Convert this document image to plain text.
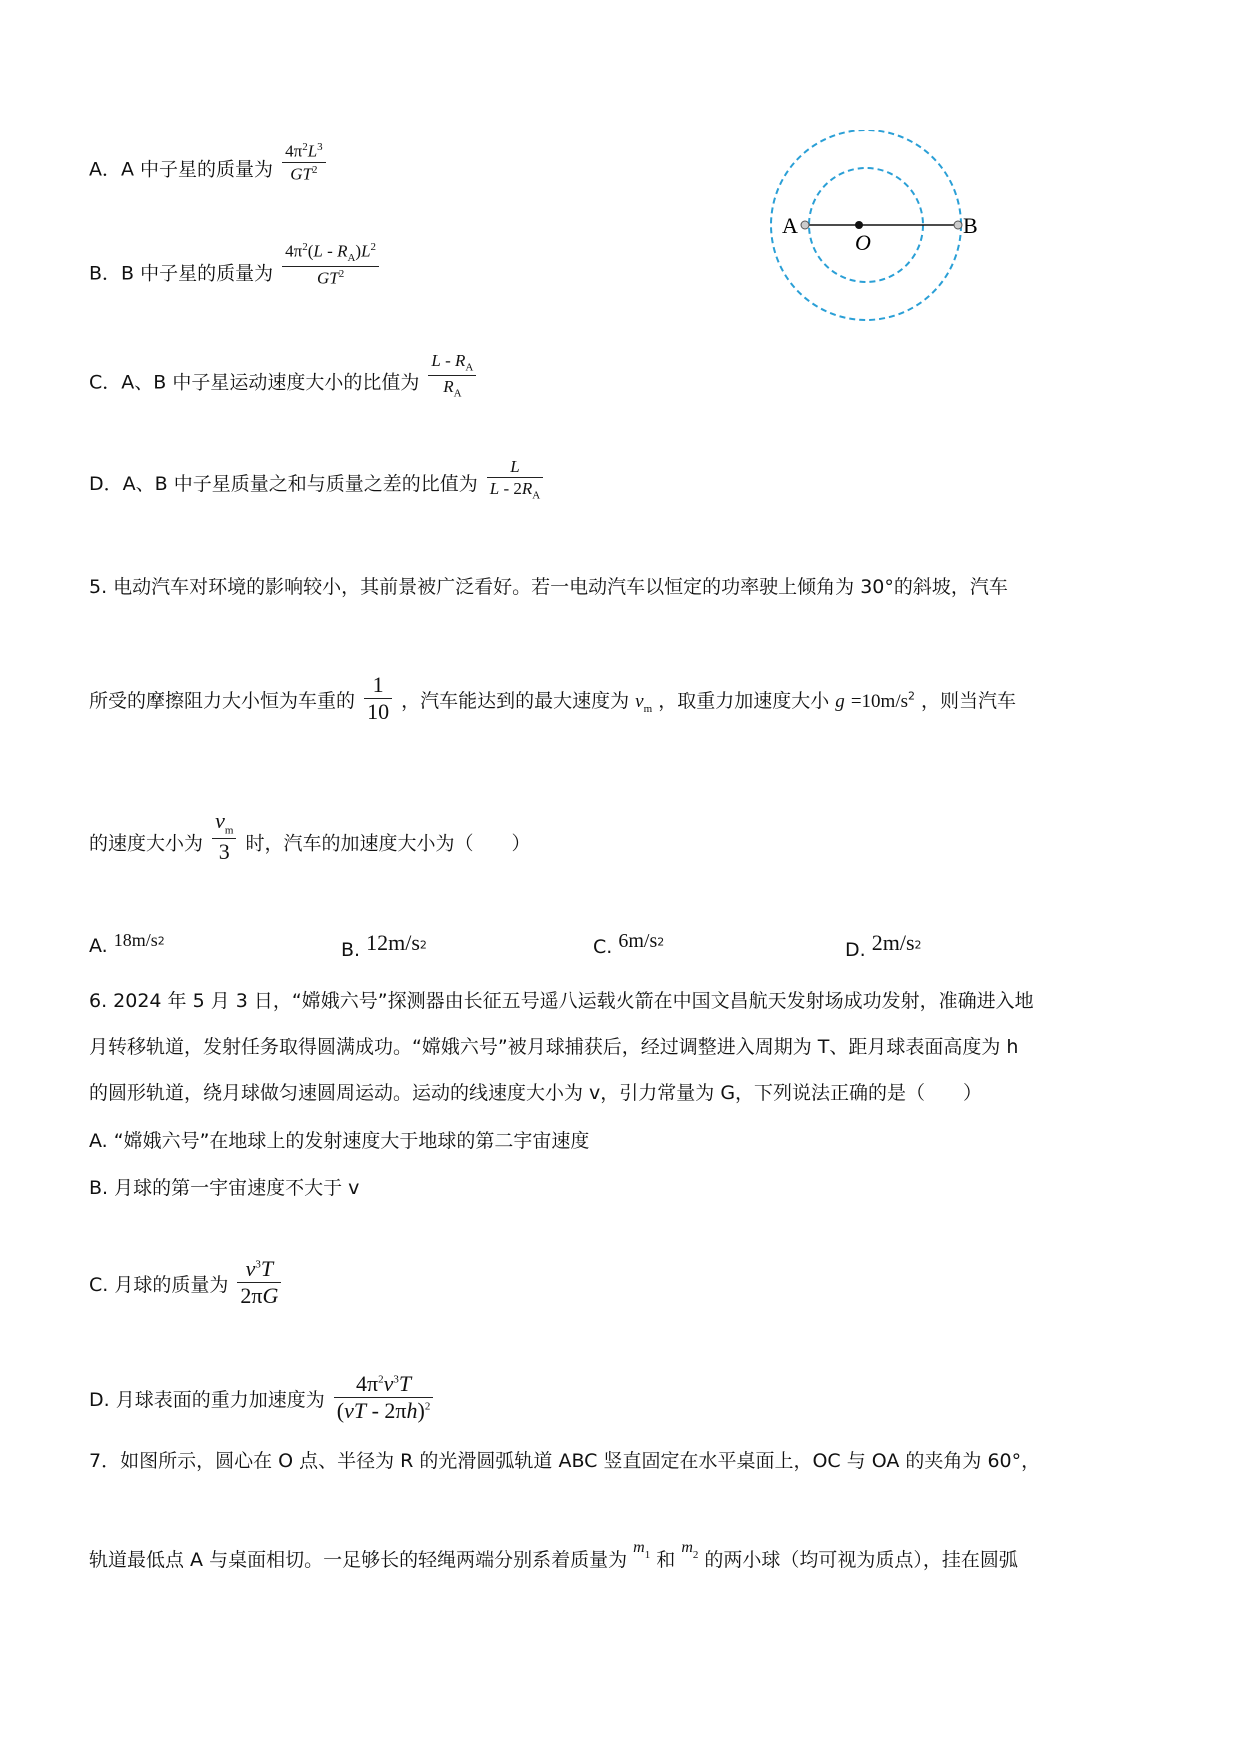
A．A 中子星的质量为 $\frac{4\pi^2L^3}{GT^2}$
B．B 中子星的质量为 $\frac{4\pi^2(L - R_A)L^2}{GT^2}$
C．A、B 中子星运动速度大小的比值为 $\frac{L - R_A}{R_A}$
D．A、B 中子星质量之和与质量之差的比值为 $\frac{L}{L - 2R_A}$
A	B
O
5. 电动汽车对环境的影响较小，其前景被广泛看好。若一电动汽车以恒定的功率驶上倾角为 30°的斜坡，汽车
所受的摩擦阻力大小恒为车重的 $\frac{1}{10}$ ，汽车能达到的最大速度为 $v_m$ ，取重力加速度大小 $g =10m/s^2$ ，则当汽车
的速度大小为 $\frac{v_m}{3}$ 时，汽车的加速度大小为（　　）
A. $18m/s^2$	B. $12m/s^2$	C. $6m/s^2$	D. $2m/s^2$
6. 2024 年 5 月 3 日，“嫦娥六号”探测器由长征五号遥八运载火箭在中国文昌航天发射场成功发射，准确进入地
月转移轨道，发射任务取得圆满成功。“嫦娥六号”被月球捕获后，经过调整进入周期为 T、距月球表面高度为 h
的圆形轨道，绕月球做匀速圆周运动。运动的线速度大小为 v，引力常量为 G，下列说法正确的是（　　）
A. “嫦娥六号”在地球上的发射速度大于地球的第二宇宙速度
B. 月球的第一宇宙速度不大于 v
C. 月球的质量为 $\frac{v^3T}{2\pi G}$
D. 月球表面的重力加速度为 $\frac{4\pi^2v^3T}{(vT - 2\pi h)^2}$
7．如图所示，圆心在 O 点、半径为 R 的光滑圆弧轨道 ABC 竖直固定在水平桌面上，OC 与 OA 的夹角为 60°，
轨道最低点 A 与桌面相切。一足够长的轻绳两端分别系着质量为 $^m_1$ 和 $^m_2$ 的两小球（均可视为质点），挂在圆弧
